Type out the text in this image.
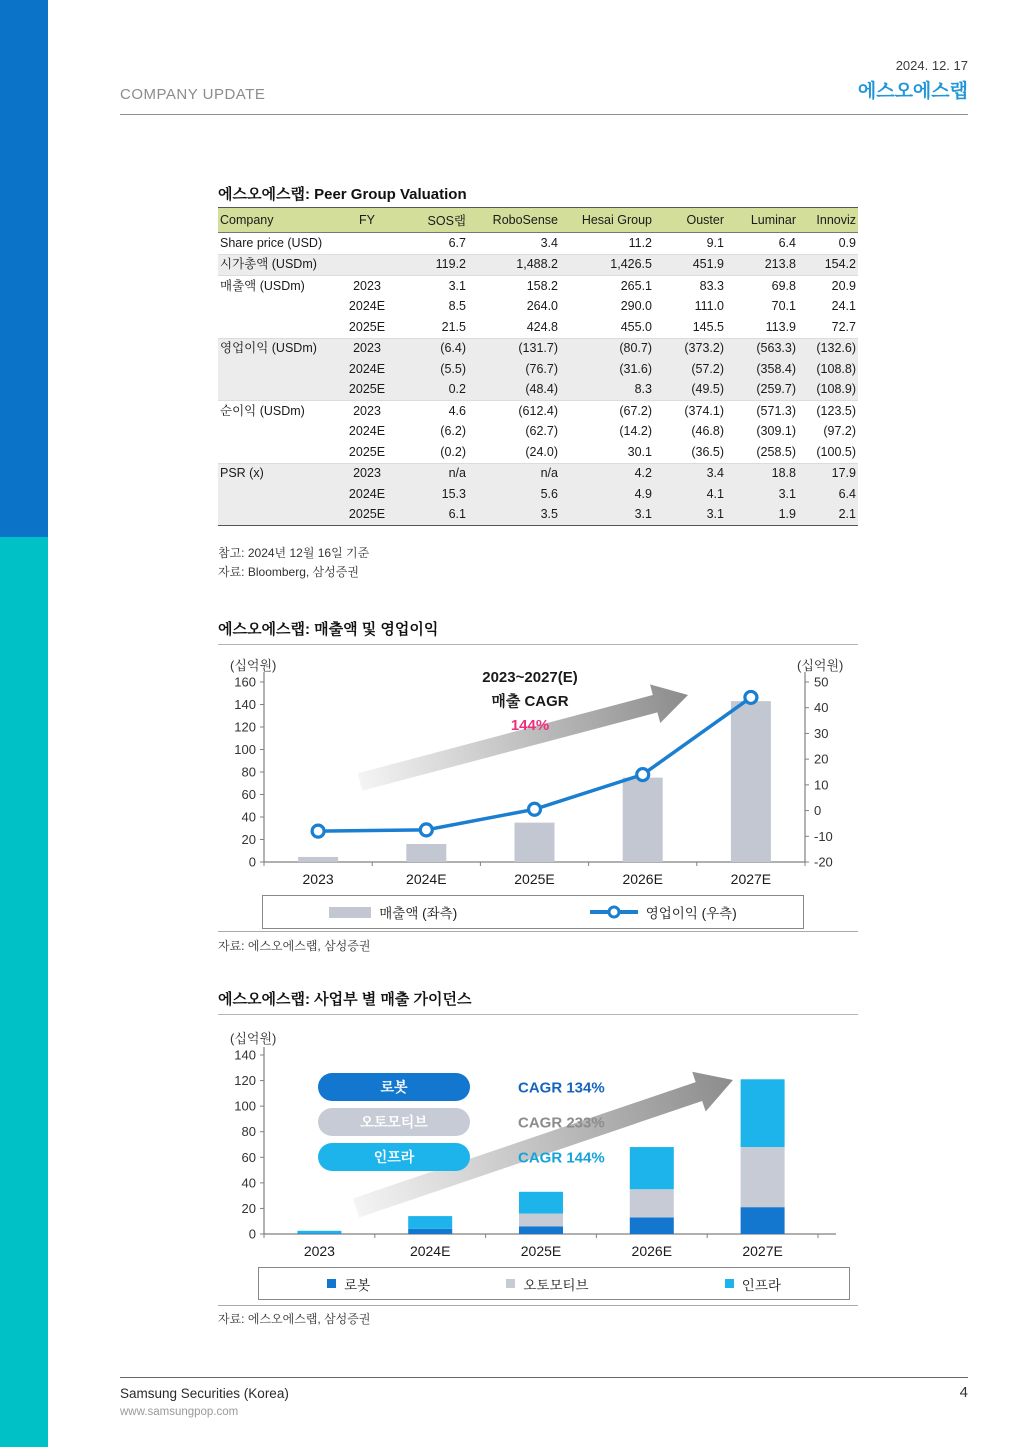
COMPANY UPDATE
2024. 12. 17
에스오에스랩
에스오에스랩: Peer Group Valuation
Company	FY	SOS랩	RoboSense	Hesai Group	Ouster	Luminar	Innoviz
Share price (USD)		6.7	3.4	11.2	9.1	6.4	0.9
시가총액 (USDm)		119.2	1,488.2	1,426.5	451.9	213.8	154.2
매출액 (USDm)	2023	3.1	158.2	265.1	83.3	69.8	20.9
	2024E	8.5	264.0	290.0	111.0	70.1	24.1
	2025E	21.5	424.8	455.0	145.5	113.9	72.7
영업이익 (USDm)	2023	(6.4)	(131.7)	(80.7)	(373.2)	(563.3)	(132.6)
	2024E	(5.5)	(76.7)	(31.6)	(57.2)	(358.4)	(108.8)
	2025E	0.2	(48.4)	8.3	(49.5)	(259.7)	(108.9)
순이익 (USDm)	2023	4.6	(612.4)	(67.2)	(374.1)	(571.3)	(123.5)
	2024E	(6.2)	(62.7)	(14.2)	(46.8)	(309.1)	(97.2)
	2025E	(0.2)	(24.0)	30.1	(36.5)	(258.5)	(100.5)
PSR (x)	2023	n/a	n/a	4.2	3.4	18.8	17.9
	2024E	15.3	5.6	4.9	4.1	3.1	6.4
	2025E	6.1	3.5	3.1	3.1	1.9	2.1
참고: 2024년 12월 16일 기준
자료: Bloomberg, 삼성증권
에스오에스랩: 매출액 및 영업이익
(십억원)	(십억원)
0
20
40
60
80
100
120
140
160
-20
-10
0
10
20
30
40
50
2023	2024E	2025E	2026E	2027E
2023~2027(E)
매출 CAGR
144%
매출액 (좌측)	영업이익 (우측)
자료: 에스오에스랩, 삼성증권
에스오에스랩: 사업부 별 매출 가이던스
(십억원)
0
20
40
60
80
100
120
140
2023	2024E	2025E	2026E	2027E
로봇	CAGR 134%
오토모티브	CAGR 233%
인프라	CAGR 144%
로봇	오토모티브	인프라
자료: 에스오에스랩, 삼성증권
Samsung Securities (Korea)
www.samsungpop.com
4
